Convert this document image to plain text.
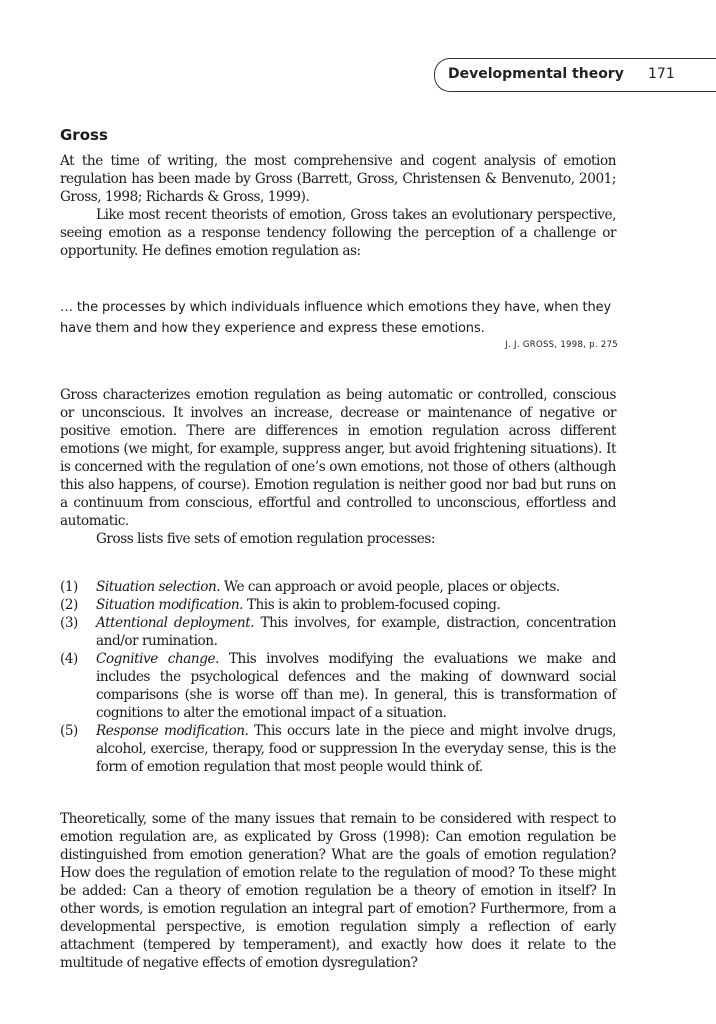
Developmental theory 171
Gross

At the time of writing, the most comprehensive and cogent analysis of emotion regulation has been made by Gross (Barrett, Gross, Christensen & Benvenuto, 2001; Gross, 1998; Richards & Gross, 1999).

Like most recent theorists of emotion, Gross takes an evolutionary perspective, seeing emotion as a response tendency following the perception of a challenge or opportunity. He defines emotion regulation as:

… the processes by which individuals influence which emotions they have, when they have them and how they experience and express these emotions.

J. J. GROSS, 1998, p. 275

Gross characterizes emotion regulation as being automatic or controlled, conscious or unconscious. It involves an increase, decrease or maintenance of negative or positive emotion. There are differences in emotion regulation across different emotions (we might, for example, suppress anger, but avoid frightening situations). It is concerned with the regulation of one’s own emotions, not those of others (although this also happens, of course). Emotion regulation is neither good nor bad but runs on a continuum from conscious, effortful and controlled to unconscious, effortless and automatic.

Gross lists five sets of emotion regulation processes:

(1)	Situation selection. We can approach or avoid people, places or objects.
(2)	Situation modification. This is akin to problem-focused coping.
(3)	Attentional deployment. This involves, for example, distraction, concentration and/or rumination.
(4)	Cognitive change. This involves modifying the evaluations we make and includes the psychological defences and the making of downward social comparisons (she is worse off than me). In general, this is transformation of cognitions to alter the emotional impact of a situation.
(5)	Response modification. This occurs late in the piece and might involve drugs, alcohol, exercise, therapy, food or suppression In the everyday sense, this is the form of emotion regulation that most people would think of.

Theoretically, some of the many issues that remain to be considered with respect to emotion regulation are, as explicated by Gross (1998): Can emotion regulation be distinguished from emotion generation? What are the goals of emotion regulation? How does the regulation of emotion relate to the regulation of mood? To these might be added: Can a theory of emotion regulation be a theory of emotion in itself? In other words, is emotion regulation an integral part of emotion? Furthermore, from a developmental perspective, is emotion regulation simply a reflection of early attachment (tempered by temperament), and exactly how does it relate to the multitude of negative effects of emotion dysregulation?
